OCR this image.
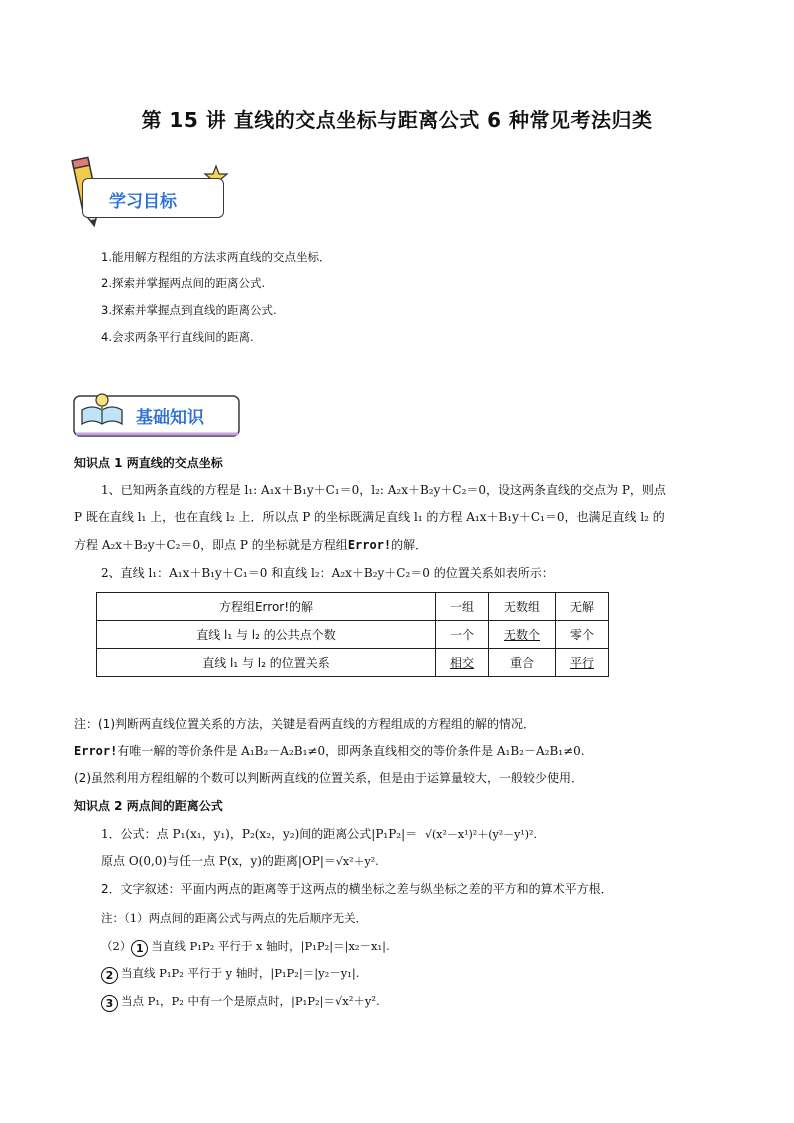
第 15 讲 直线的交点坐标与距离公式 6 种常见考法归类
学习目标
1.能用解方程组的方法求两直线的交点坐标．
2.探索并掌握两点间的距离公式.
3.探索并掌握点到直线的距离公式.
4.会求两条平行直线间的距离.
基础知识
知识点 1 两直线的交点坐标
1、已知两条直线的方程是 l₁: A₁x＋B₁y＋C₁＝0，l₂: A₂x＋B₂y＋C₂＝0，设这两条直线的交点为 P，则点
P 既在直线 l₁ 上，也在直线 l₂ 上．所以点 P 的坐标既满足直线 l₁ 的方程 A₁x＋B₁y＋C₁＝0，也满足直线 l₂ 的
方程 A₂x＋B₂y＋C₂＝0，即点 P 的坐标就是方程组Error!的解．
2、直线 l₁：A₁x＋B₁y＋C₁＝0 和直线 l₂：A₂x＋B₂y＋C₂＝0 的位置关系如表所示：
方程组Error!的解	一组	无数组	无解
直线 l₁ 与 l₂ 的公共点个数	一个	无数个	零个
直线 l₁ 与 l₂ 的位置关系	相交	重合	平行
注：(1)判断两直线位置关系的方法，关键是看两直线的方程组成的方程组的解的情况．
Error!有唯一解的等价条件是 A₁B₂－A₂B₁≠0，即两条直线相交的等价条件是 A₁B₂－A₂B₁≠0.
(2)虽然利用方程组解的个数可以判断两直线的位置关系，但是由于运算量较大，一般较少使用．
知识点 2 两点间的距离公式
1．公式：点 P₁(x₁，y₁)，P₂(x₂，y₂)间的距离公式|P₁P₂|＝ √(x²－x¹)²＋(y²－y¹)².
原点 O(0,0)与任一点 P(x，y)的距离|OP|＝√x²＋y².
2．文字叙述：平面内两点的距离等于这两点的横坐标之差与纵坐标之差的平方和的算术平方根．
注：（1）两点间的距离公式与两点的先后顺序无关．
（2） 1 当直线 P₁P₂ 平行于 x 轴时，|P₁P₂|＝|x₂－x₁|.
2 当直线 P₁P₂ 平行于 y 轴时，|P₁P₂|＝|y₂－y₁|.
3 当点 P₁，P₂ 中有一个是原点时，|P₁P₂|＝√x²＋y².
